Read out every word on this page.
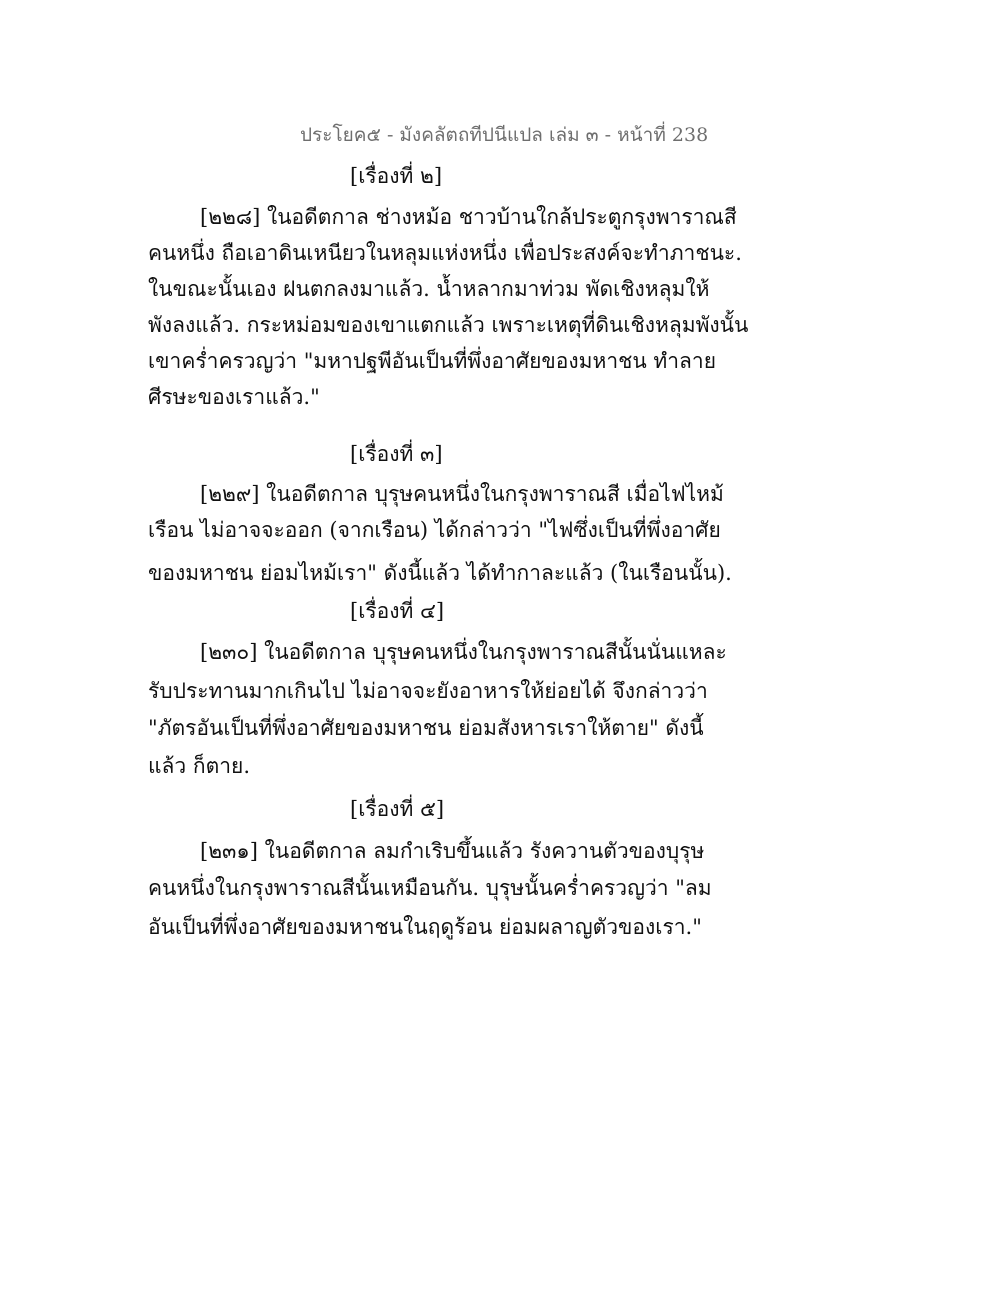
ประโยค๕ - มังคลัตถทีปนีแปล เล่ม ๓ - หน้าที่ 238
[เรื่องที่ ๒]
[๒๒๘] ในอดีตกาล ช่างหม้อ ชาวบ้านใกล้ประตูกรุงพาราณสี
คนหนึ่ง ถือเอาดินเหนียวในหลุมแห่งหนึ่ง เพื่อประสงค์จะทำภาชนะ.
ในขณะนั้นเอง ฝนตกลงมาแล้ว. น้ำหลากมาท่วม พัดเชิงหลุมให้
พังลงแล้ว. กระหม่อมของเขาแตกแล้ว เพราะเหตุที่ดินเชิงหลุมพังนั้น
เขาคร่ำครวญว่า "มหาปฐพีอันเป็นที่พึ่งอาศัยของมหาชน ทำลาย
ศีรษะของเราแล้ว."
[เรื่องที่ ๓]
[๒๒๙] ในอดีตกาล บุรุษคนหนึ่งในกรุงพาราณสี เมื่อไฟไหม้
เรือน ไม่อาจจะออก (จากเรือน) ได้กล่าวว่า "ไฟซึ่งเป็นที่พึ่งอาศัย
ของมหาชน ย่อมไหม้เรา" ดังนี้แล้ว ได้ทำกาละแล้ว (ในเรือนนั้น).
[เรื่องที่ ๔]
[๒๓๐] ในอดีตกาล บุรุษคนหนึ่งในกรุงพาราณสีนั้นนั่นแหละ
รับประทานมากเกินไป ไม่อาจจะยังอาหารให้ย่อยได้ จึงกล่าวว่า
"ภัตรอันเป็นที่พึ่งอาศัยของมหาชน ย่อมสังหารเราให้ตาย" ดังนี้
แล้ว ก็ตาย.
[เรื่องที่ ๕]
[๒๓๑] ในอดีตกาล ลมกำเริบขึ้นแล้ว รังควานตัวของบุรุษ
คนหนึ่งในกรุงพาราณสีนั้นเหมือนกัน. บุรุษนั้นคร่ำครวญว่า "ลม
อันเป็นที่พึ่งอาศัยของมหาชนในฤดูร้อน ย่อมผลาญตัวของเรา."
